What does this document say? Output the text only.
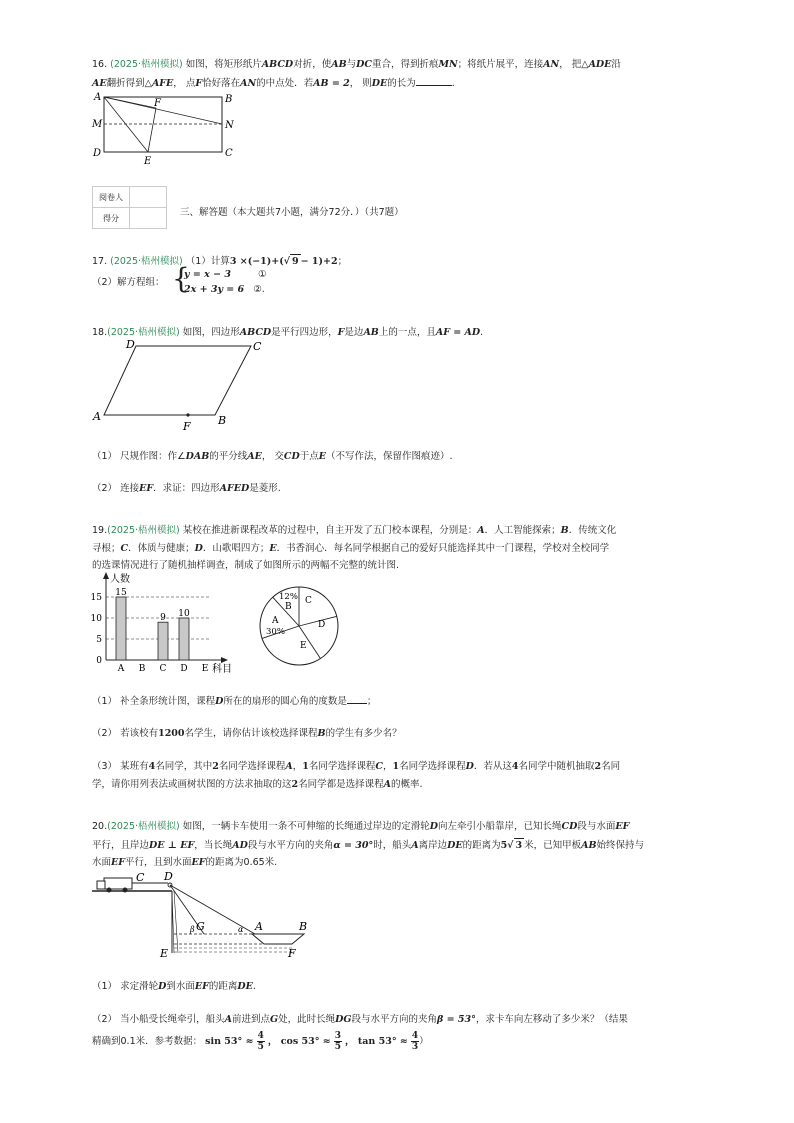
16. (2025·梧州模拟) 如图，将矩形纸片ABCD对折，使AB与DC重合，得到折痕MN；将纸片展平，连接AN， 把△ADE沿
AE翻折得到△AFE， 点F恰好落在AN的中点处．若AB = 2， 则DE的长为	.
A	B
C
D
M	N
E
F
阅卷人	
得分		三、解答题（本大题共7小题，满分72分．）（共7题）
17. (2025·梧州模拟) （1）计算3 ×(−1)+(√ 9 − 1)+2；
（2）解方程组： {
y = x − 3	①
2x + 3y = 6 ②.
18.(2025·梧州模拟) 如图，四边形ABCD是平行四边形，F是边AB上的一点，且AF = AD.
A	B
C
D
F
（1） 尺规作图：作∠DAB的平分线AE， 交CD于点E（不写作法，保留作图痕迹）.
（2） 连接EF．求证：四边形AFED是菱形.
19.(2025·梧州模拟) 某校在推进新课程改革的过程中，自主开发了五门校本课程，分别是：A．人工智能探索；B．传统文化
寻根；C．体质与健康；D．山歌唱四方；E．书香润心．每名同学根据自己的爱好只能选择其中一门课程，学校对全校同学
的选课情况进行了随机抽样调查，制成了如图所示的两幅不完整的统计图.
人数
科目
0
5
10
15
A B C D E
15
9 10
12%
B
C
D
E
A
30%
（1） 补全条形统计图，课程D所在的扇形的圆心角的度数是 ；
（2） 若该校有1200名学生，请你估计该校选择课程B的学生有多少名？
（3） 某班有4名同学，其中2名同学选择课程A，1名同学选择课程C，1名同学选择课程D．若从这4名同学中随机抽取2名同
学，请你用列表法或画树状图的方法求抽取的这2名同学都是选择课程A的概率.
20.(2025·梧州模拟) 如图，一辆卡车使用一条不可伸缩的长绳通过岸边的定滑轮D向左牵引小船靠岸，已知长绳CD段与水面EF
平行，且岸边DE ⊥ EF，当长绳AD段与水平方向的夹角α = 30°时，船头A离岸边DE的距离为5√ 3 米，已知甲板AB始终保持与
水面EF平行，且到水面EF的距离为0.65米.
C D
G
β	α A	B
E	F
（1） 求定滑轮D到水面EF的距离DE.
（2） 当小船受长绳牵引，船头A前进到点G处，此时长绳DG段与水平方向的夹角β = 53°，求卡车向左移动了多少米？（结果
精确到0.1米．参考数据： $\sin 53^\circ \approx \frac{4}{5}$ ， $\cos 53^\circ \approx \frac{3}{5}$ ， $\tan 53^\circ \approx \frac{4}{3}$ ）
